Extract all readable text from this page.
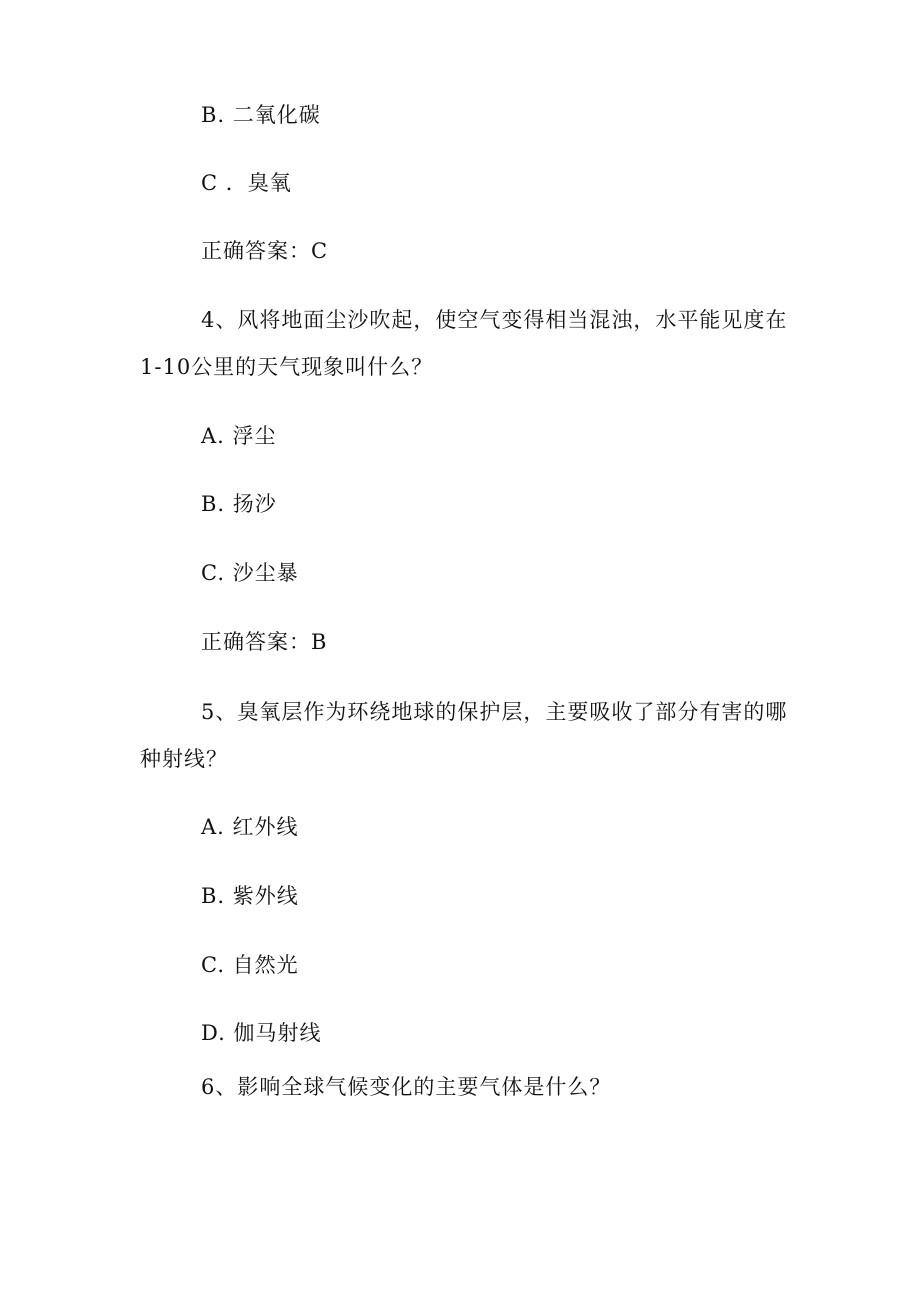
B. 二氧化碳
C ．臭氧
正确答案：C
4、风将地面尘沙吹起，使空气变得相当混浊，水平能见度在
1-10公里的天气现象叫什么？
A. 浮尘
B. 扬沙
C. 沙尘暴
正确答案：B
5、臭氧层作为环绕地球的保护层，主要吸收了部分有害的哪
种射线？
A. 红外线
B. 紫外线
C. 自然光
D. 伽马射线
6、影响全球气候变化的主要气体是什么？
